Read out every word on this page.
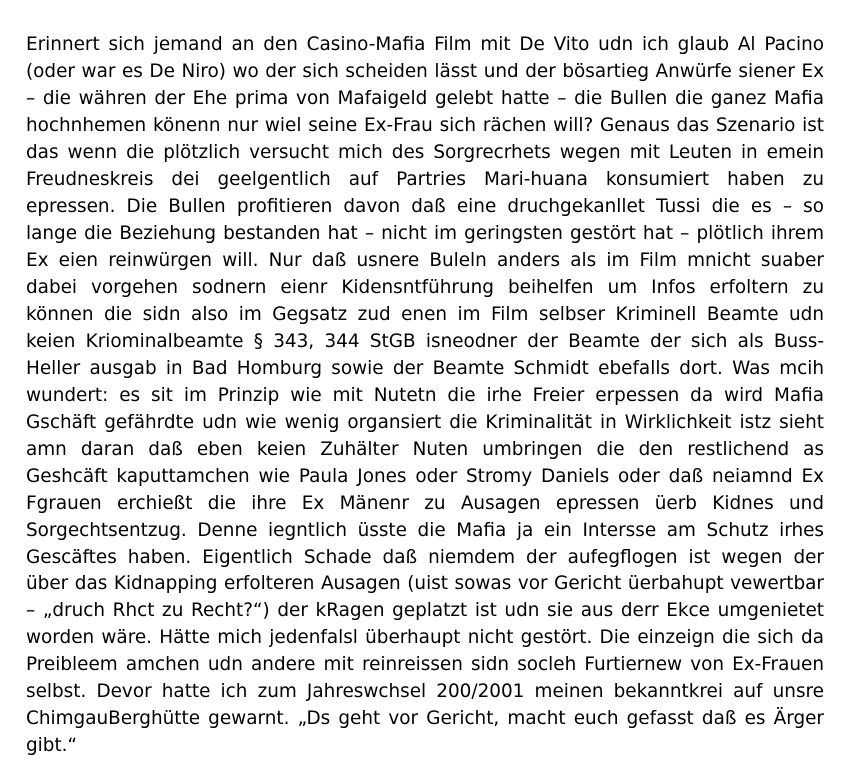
Erinnert sich jemand an den Casino-Mafia Film mit De Vito udn ich glaub Al Pacino (oder war es De Niro) wo der sich scheiden lässt und der bösartieg Anwürfe siener Ex – die währen der Ehe prima von Mafaigeld gelebt hatte – die Bullen die ganez Mafia hochnhemen könenn nur wiel seine Ex-Frau sich rächen will? Genaus das Szenario ist das wenn die plötzlich versucht mich des Sorgrecrhets wegen mit Leuten in emein Freudneskreis dei geelgentlich auf Partries Mari-huana konsumiert haben zu epressen. Die Bullen profitieren davon daß eine druchgekanllet Tussi die es – so lange die Beziehung bestanden hat – nicht im geringsten gestört hat – plötlich ihrem Ex eien reinwürgen will. Nur daß usnere Buleln anders als im Film mnicht suaber dabei vorgehen sodnern eienr Kidensntführung beihelfen um Infos erfoltern zu können die sidn also im Gegsatz zud enen im Film selbser Kriminell Beamte udn keien Kriominalbeamte § 343, 344 StGB isneodner der Beamte der sich als Buss-Heller ausgab in Bad Homburg sowie der Beamte Schmidt ebefalls dort. Was mcih wundert: es sit im Prinzip wie mit Nutetn die irhe Freier erpessen da wird Mafia Gschäft gefährdte udn wie wenig organsiert die Kriminalität in Wirklichkeit istz sieht amn daran daß eben keien Zuhälter Nuten umbringen die den restlichend as Geshcäft kaputtamchen wie Paula Jones oder Stromy Daniels oder daß neiamnd Ex Fgrauen erchießt die ihre Ex Mänenr zu Ausagen epressen üerb Kidnes und Sorgechtsentzug. Denne iegntlich üsste die Mafia ja ein Intersse am Schutz irhes Gescäftes haben. Eigentlich Schade daß niemdem der aufegflogen ist wegen der über das Kidnapping erfolteren Ausagen (uist sowas vor Gericht üerbahupt vewertbar – „druch Rhct zu Recht?“) der kRagen geplatzt ist udn sie aus derr Ekce umgenietet worden wäre. Hätte mich jedenfalsl überhaupt nicht gestört. Die einzeign die sich da Preibleem amchen udn andere mit reinreissen sidn socleh Furtiernew von Ex-Frauen selbst. Devor hatte ich zum Jahreswchsel 200/2001 meinen bekanntkrei auf unsre ChimgauBerghütte gewarnt. „Ds geht vor Gericht, macht euch gefasst daß es Ärger gibt.“
